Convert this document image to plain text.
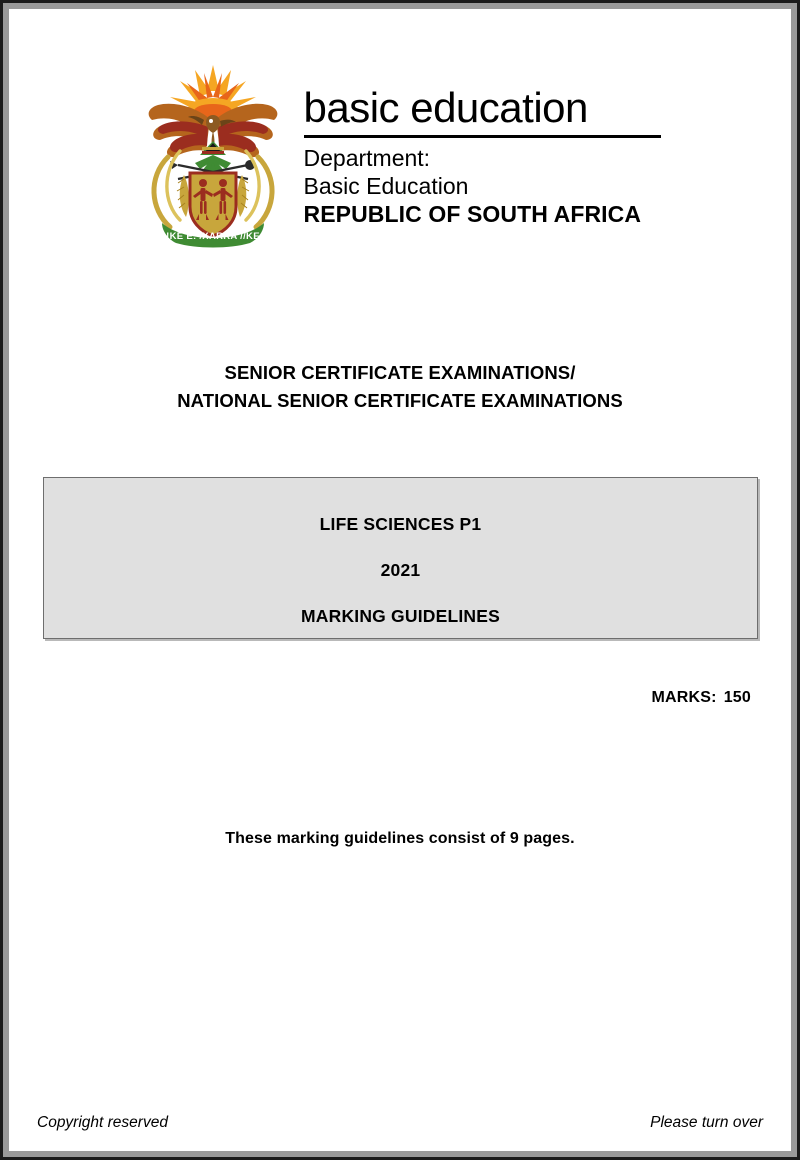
!KE E: /XARRA //KE
basic education
Department:
Basic Education
REPUBLIC OF SOUTH AFRICA
SENIOR CERTIFICATE EXAMINATIONS/
NATIONAL SENIOR CERTIFICATE EXAMINATIONS
LIFE SCIENCES P1
2021
MARKING GUIDELINES
MARKS: 150
These marking guidelines consist of 9 pages.
Copyright reserved	Please turn over
